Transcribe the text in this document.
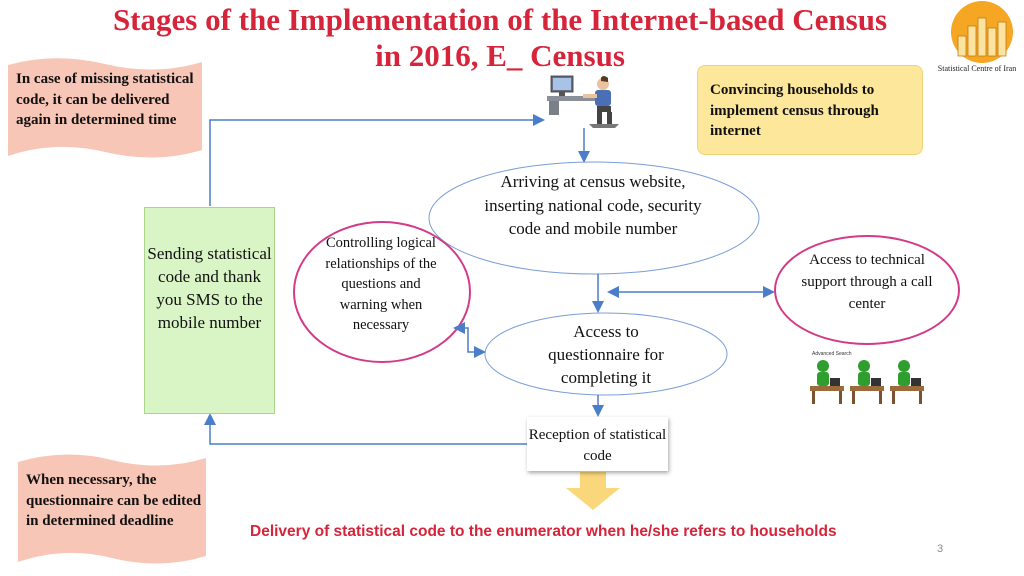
Statistical Centre of Iran
Stages of the Implementation of the Internet-based Census
in 2016, E_ Census
In case of missing statistical code, it can be delivered again in determined time
When necessary, the questionnaire can be edited in determined deadline
Convincing households to implement census through internet
Sending statistical code and thank you SMS to the mobile number
Arriving at census website, inserting national code, security code and mobile number
Controlling logical relationships of the questions and warning when necessary	Access to questionnaire for completing it
Access to technical support through a call center
Reception of statistical code
Advanced Search
Delivery of statistical code to the enumerator when he/she refers to households
3
